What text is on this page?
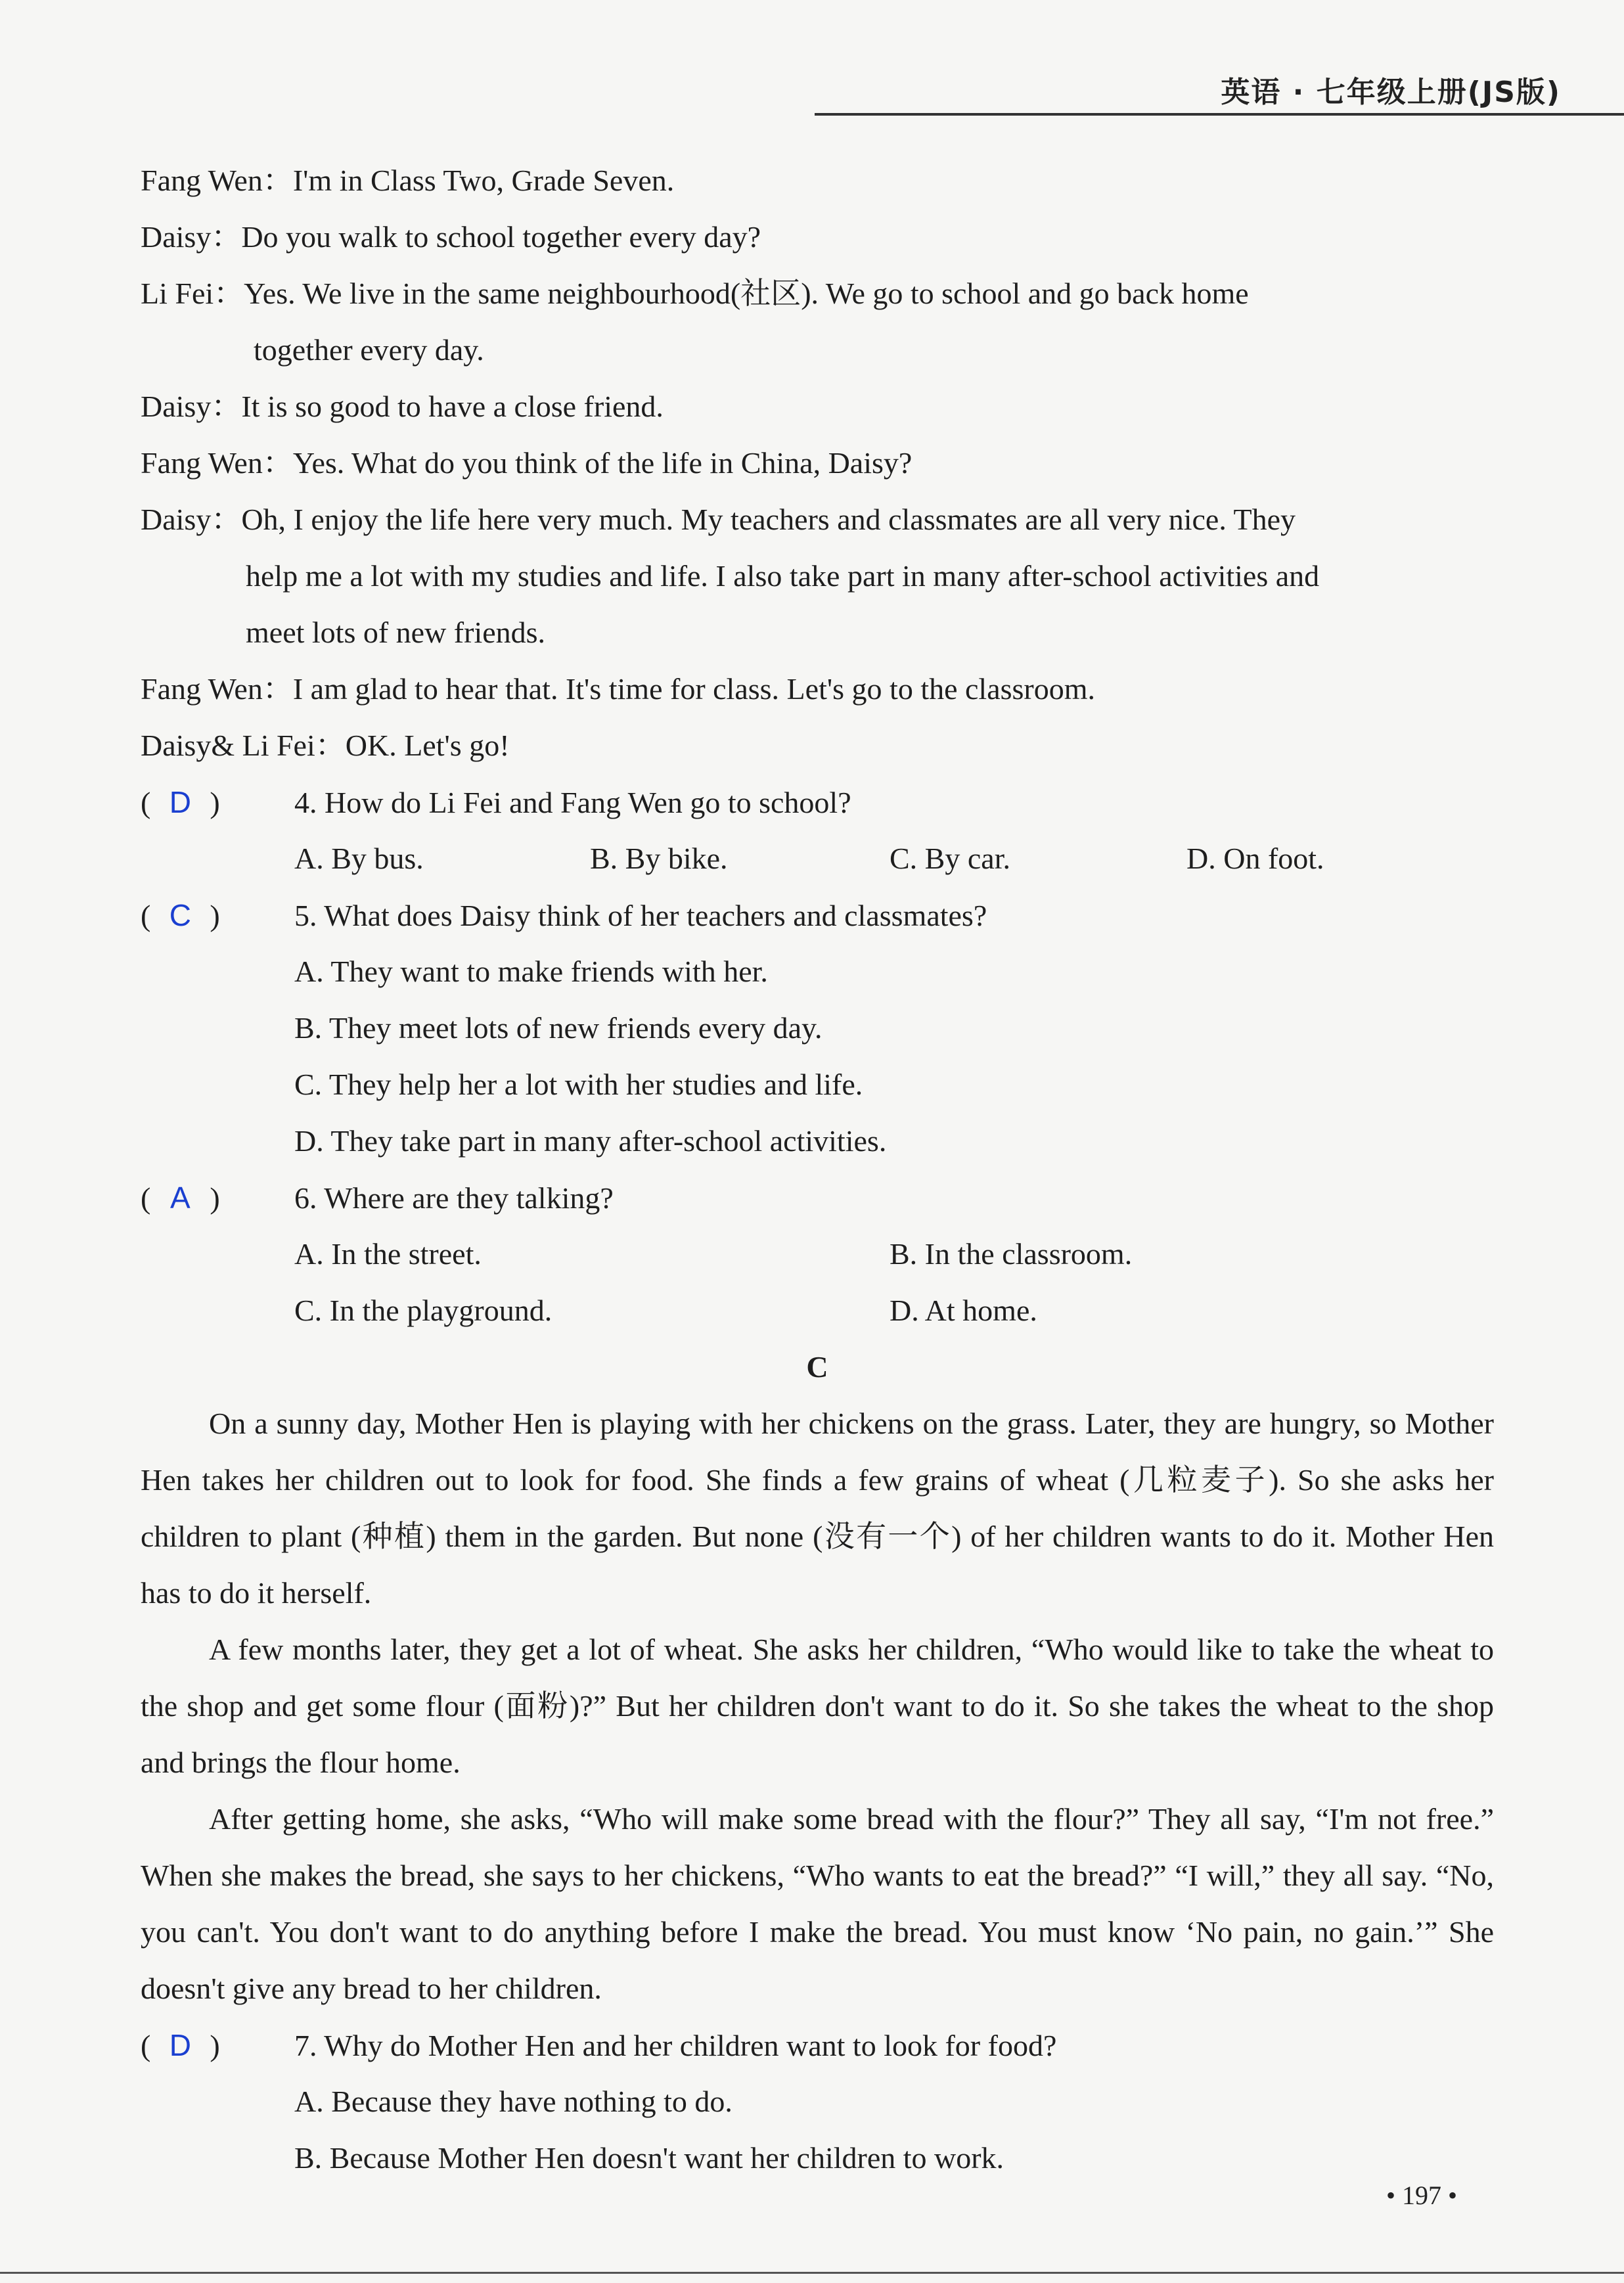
英语 · 七年级上册(JS版)
Fang Wen：I'm in Class Two, Grade Seven.
Daisy：Do you walk to school together every day?
Li Fei：Yes. We live in the same neighbourhood(社区). We go to school and go back home
together every day.
Daisy：It is so good to have a close friend.
Fang Wen：Yes. What do you think of the life in China, Daisy?
Daisy：Oh, I enjoy the life here very much. My teachers and classmates are all very nice. They
help me a lot with my studies and life. I also take part in many after-school activities and
meet lots of new friends.
Fang Wen：I am glad to hear that. It's time for class. Let's go to the classroom.
Daisy& Li Fei：OK. Let's go!
( D ) 4. How do Li Fei and Fang Wen go to school?
A. By bus.	B. By bike.	C. By car.	D. On foot.
( C ) 5. What does Daisy think of her teachers and classmates?
A. They want to make friends with her.
B. They meet lots of new friends every day.
C. They help her a lot with her studies and life.
D. They take part in many after-school activities.
( A ) 6. Where are they talking?
A. In the street.	B. In the classroom.
C. In the playground.	D. At home.
C
On a sunny day, Mother Hen is playing with her chickens on the grass. Later, they are hungry, so Mother Hen takes her children out to look for food. She finds a few grains of wheat (几粒麦子). So she asks her children to plant (种植) them in the garden. But none (没有一个) of her children wants to do it. Mother Hen has to do it herself.
A few months later, they get a lot of wheat. She asks her children, “Who would like to take the wheat to the shop and get some flour (面粉)?” But her children don't want to do it. So she takes the wheat to the shop and brings the flour home.
After getting home, she asks, “Who will make some bread with the flour?” They all say, “I'm not free.” When she makes the bread, she says to her chickens, “Who wants to eat the bread?” “I will,” they all say. “No, you can't. You don't want to do anything before I make the bread. You must know ‘No pain, no gain.’” She doesn't give any bread to her children.
( D ) 7. Why do Mother Hen and her children want to look for food?
A. Because they have nothing to do.
B. Because Mother Hen doesn't want her children to work.
• 197 •
